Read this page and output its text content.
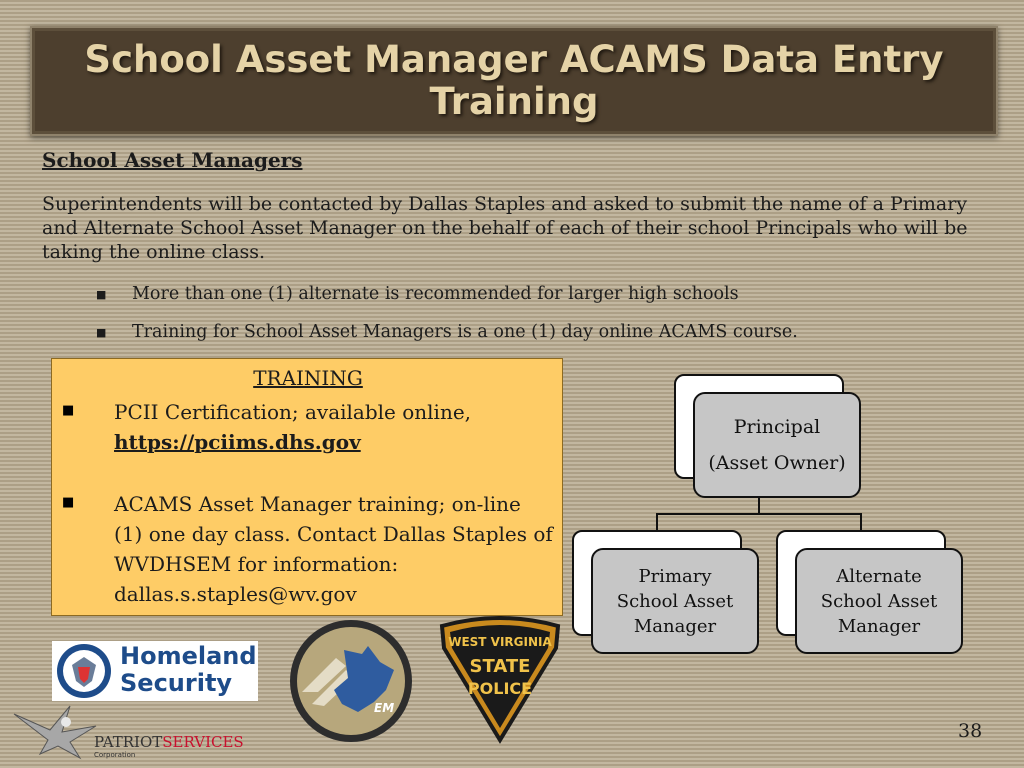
School Asset Manager ACAMS Data Entry Training
School Asset Managers
Superintendents will be contacted by Dallas Staples and asked to submit the name of a Primary and Alternate School Asset Manager on the behalf of each of their school Principals who will be taking the online class.
■	More than one (1) alternate is recommended for larger high schools
■	Training for School Asset Managers is a one (1) day online ACAMS course.
TRAINING
■ PCII Certification; available online,
https://pciims.dhs.gov
■ ACAMS Asset Manager training; on-line (1) one day class. Contact Dallas Staples of WVDHSEM for information: dallas.s.staples@wv.gov
Principal
(Asset Owner)
Primary
School Asset
Manager
Alternate
School Asset
Manager
Homeland
Security
EM
WEST VIRGINIA
STATE
POLICE
PATRIOTSERVICES
Corporation
38
